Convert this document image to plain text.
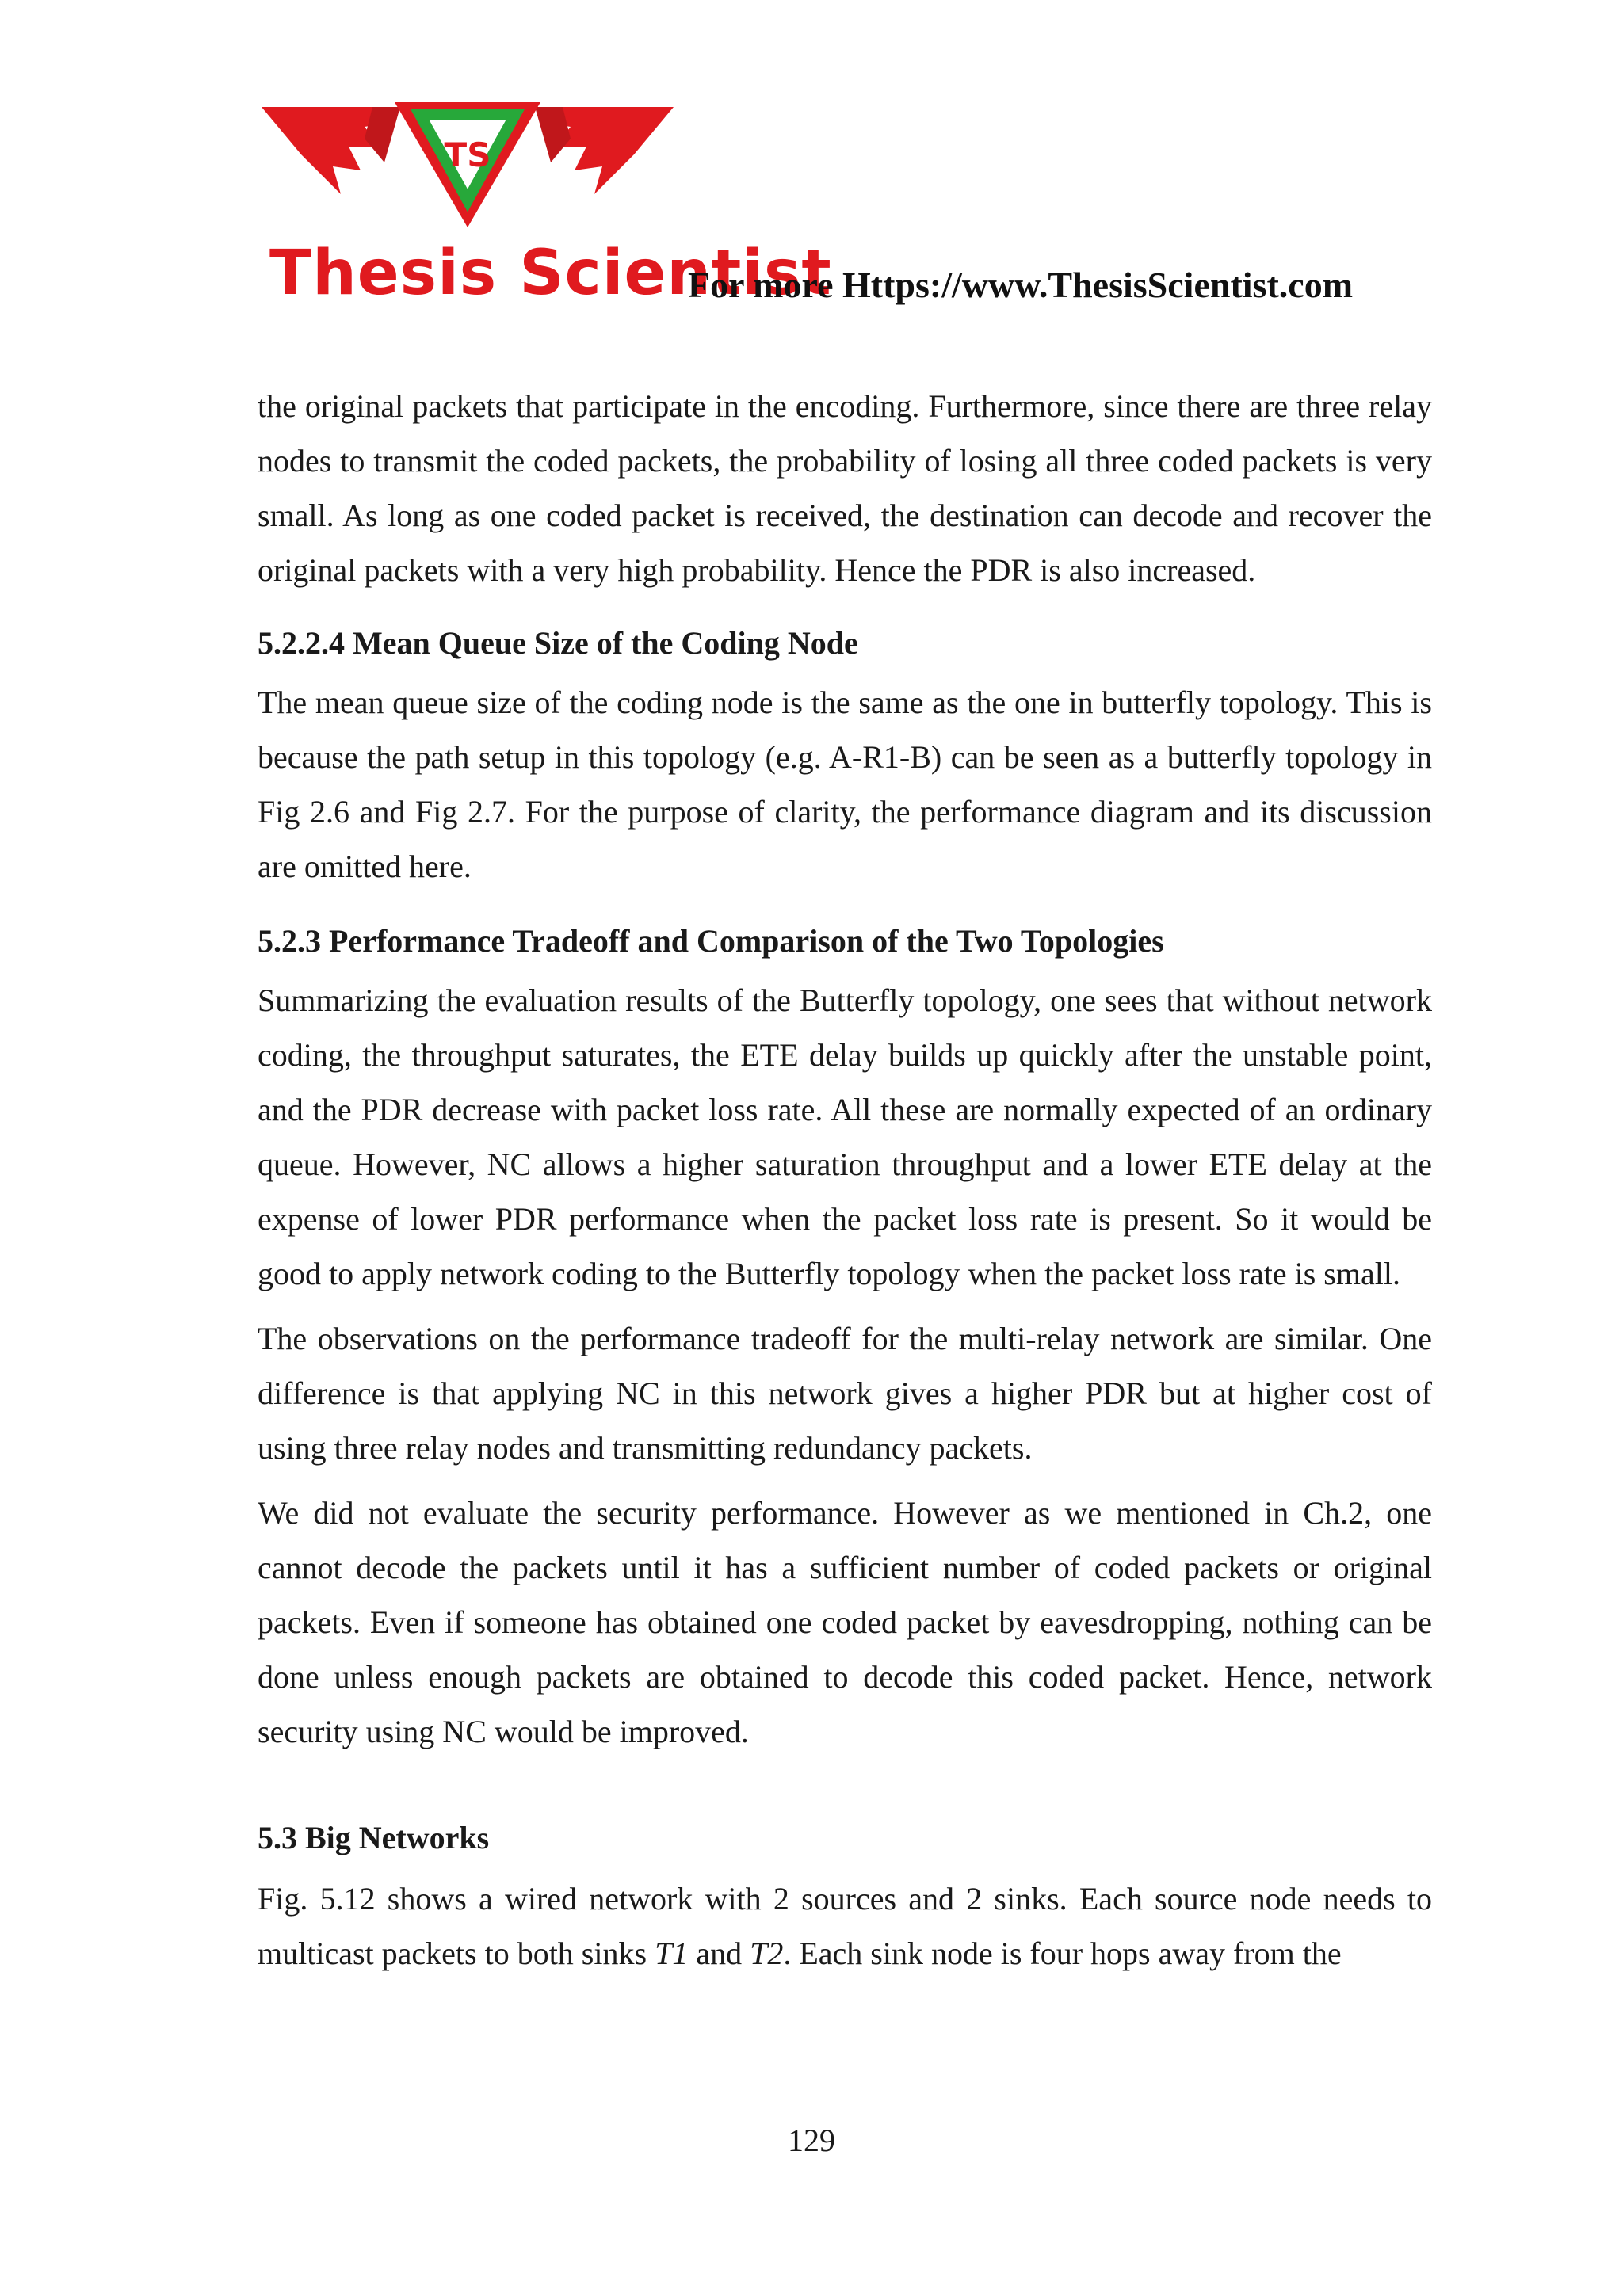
TS
Thesis Scientist
For more Https://www.ThesisScientist.com

the original packets that participate in the encoding. Furthermore, since there are three relay nodes to transmit the coded packets, the probability of losing all three coded packets is very small. As long as one coded packet is received, the destination can decode and recover the original packets with a very high probability. Hence the PDR is also increased.

5.2.2.4 Mean Queue Size of the Coding Node

The mean queue size of the coding node is the same as the one in butterfly topology. This is because the path setup in this topology (e.g. A-R1-B) can be seen as a butterfly topology in Fig 2.6 and Fig 2.7. For the purpose of clarity, the performance diagram and its discussion are omitted here.

5.2.3 Performance Tradeoff and Comparison of the Two Topologies

Summarizing the evaluation results of the Butterfly topology, one sees that without network coding, the throughput saturates, the ETE delay builds up quickly after the unstable point, and the PDR decrease with packet loss rate. All these are normally expected of an ordinary queue. However, NC allows a higher saturation throughput and a lower ETE delay at the expense of lower PDR performance when the packet loss rate is present. So it would be good to apply network coding to the Butterfly topology when the packet loss rate is small.

The observations on the performance tradeoff for the multi-relay network are similar. One difference is that applying NC in this network gives a higher PDR but at higher cost of using three relay nodes and transmitting redundancy packets.

We did not evaluate the security performance. However as we mentioned in Ch.2, one cannot decode the packets until it has a sufficient number of coded packets or original packets. Even if someone has obtained one coded packet by eavesdropping, nothing can be done unless enough packets are obtained to decode this coded packet. Hence, network security using NC would be improved.

5.3 Big Networks

Fig. 5.12 shows a wired network with 2 sources and 2 sinks. Each source node needs to multicast packets to both sinks T1 and T2. Each sink node is four hops away from the

129
